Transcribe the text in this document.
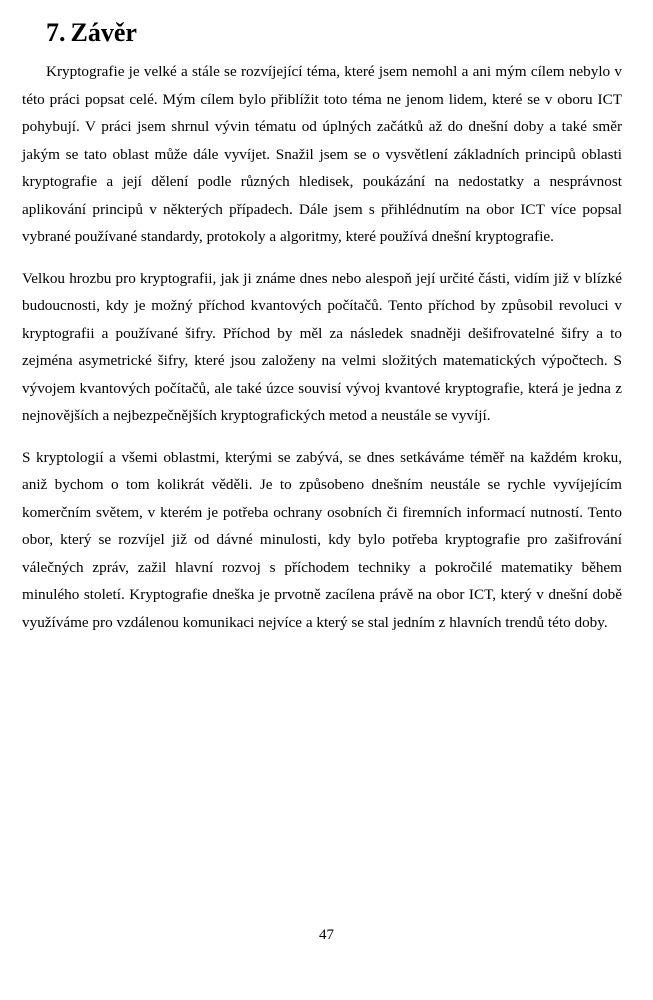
7. Závěr

Kryptografie je velké a stále se rozvíjející téma, které jsem nemohl a ani mým cílem nebylo v této práci popsat celé. Mým cílem bylo přiblížit toto téma ne jenom lidem, které se v oboru ICT pohybují. V práci jsem shrnul vývin tématu od úplných začátků až do dnešní doby a také směr jakým se tato oblast může dále vyvíjet. Snažil jsem se o vysvětlení základních principů oblasti kryptografie a její dělení podle různých hledisek, poukázání na nedostatky a nesprávnost aplikování principů v některých případech. Dále jsem s přihlédnutím na obor ICT více popsal vybrané používané standardy, protokoly a algoritmy, které používá dnešní kryptografie.

Velkou hrozbu pro kryptografii, jak ji známe dnes nebo alespoň její určité části, vidím již v blízké budoucnosti, kdy je možný příchod kvantových počítačů. Tento příchod by způsobil revoluci v kryptografii a používané šifry. Příchod by měl za následek snadněji dešifrovatelné šifry a to zejména asymetrické šifry, které jsou založeny na velmi složitých matematických výpočtech. S vývojem kvantových počítačů, ale také úzce souvisí vývoj kvantové kryptografie, která je jedna z nejnovějších a nejbezpečnějších kryptografických metod a neustále se vyvíjí.

S kryptologií a všemi oblastmi, kterými se zabývá, se dnes setkáváme téměř na každém kroku, aniž bychom o tom kolikrát věděli. Je to způsobeno dnešním neustále se rychle vyvíjejícím komerčním světem, v kterém je potřeba ochrany osobních či firemních informací nutností. Tento obor, který se rozvíjel již od dávné minulosti, kdy bylo potřeba kryptografie pro zašifrování válečných zpráv, zažil hlavní rozvoj s příchodem techniky a pokročilé matematiky během minulého století. Kryptografie dneška je prvotně zacílena právě na obor ICT, který v dnešní době využíváme pro vzdálenou komunikaci nejvíce a který se stal jedním z hlavních trendů této doby.

47
